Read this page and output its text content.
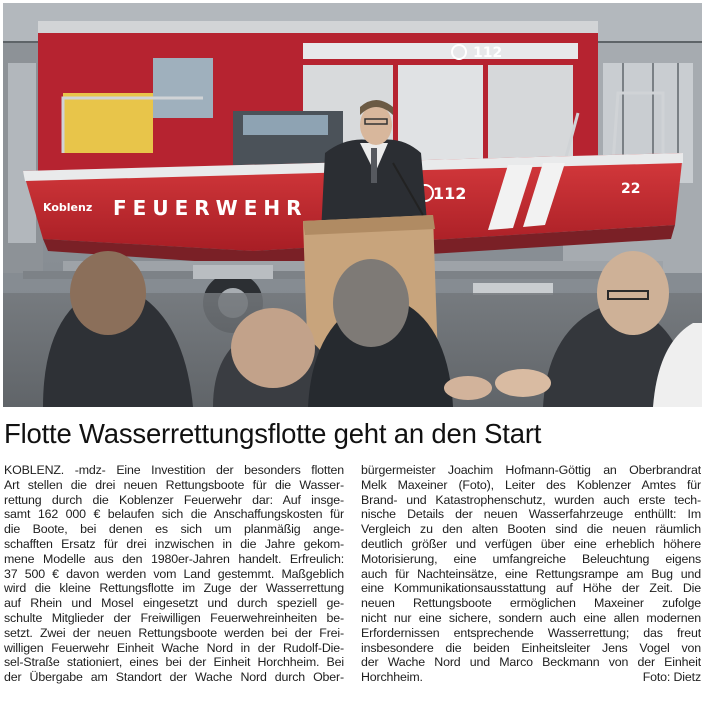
112
FEUERWEHR
112	22
Koblenz
Flotte Wasserrettungsflotte geht an den Start
KOBLENZ. -mdz- Eine Investition der besonders flotten
Art stellen die drei neuen Rettungsboote für die Wasser-
rettung durch die Koblenzer Feuerwehr dar: Auf insge-
samt 162 000 € belaufen sich die Anschaffungskosten für
die Boote, bei denen es sich um planmäßig ange-
schafften Ersatz für drei inzwischen in die Jahre gekom-
mene Modelle aus den 1980er-Jahren handelt. Erfreulich:
37 500 € davon werden vom Land gestemmt. Maßgeblich
wird die kleine Rettungsflotte im Zuge der Wasserrettung
auf Rhein und Mosel eingesetzt und durch speziell ge-
schulte Mitglieder der Freiwilligen Feuerwehreinheiten be-
setzt. Zwei der neuen Rettungsboote werden bei der Frei-
willigen Feuerwehr Einheit Wache Nord in der Rudolf-Die-
sel-Straße stationiert, eines bei der Einheit Horchheim. Bei
der Übergabe am Standort der Wache Nord durch Ober-
bürgermeister Joachim Hofmann-Göttig an Oberbrandrat
Melk Maxeiner (Foto), Leiter des Koblenzer Amtes für
Brand- und Katastrophenschutz, wurden auch erste tech-
nische Details der neuen Wasserfahrzeuge enthüllt: Im
Vergleich zu den alten Booten sind die neuen räumlich
deutlich größer und verfügen über eine erheblich höhere
Motorisierung, eine umfangreiche Beleuchtung eigens
auch für Nachteinsätze, eine Rettungsrampe am Bug und
eine Kommunikationsausstattung auf Höhe der Zeit. Die
neuen Rettungsboote ermöglichen Maxeiner zufolge
nicht nur eine sichere, sondern auch eine allen modernen
Erfordernissen entsprechende Wasserrettung; das freut
insbesondere die beiden Einheitsleiter Jens Vogel von
der Wache Nord und Marco Beckmann von der Einheit
Horchheim.	Foto: Dietz
